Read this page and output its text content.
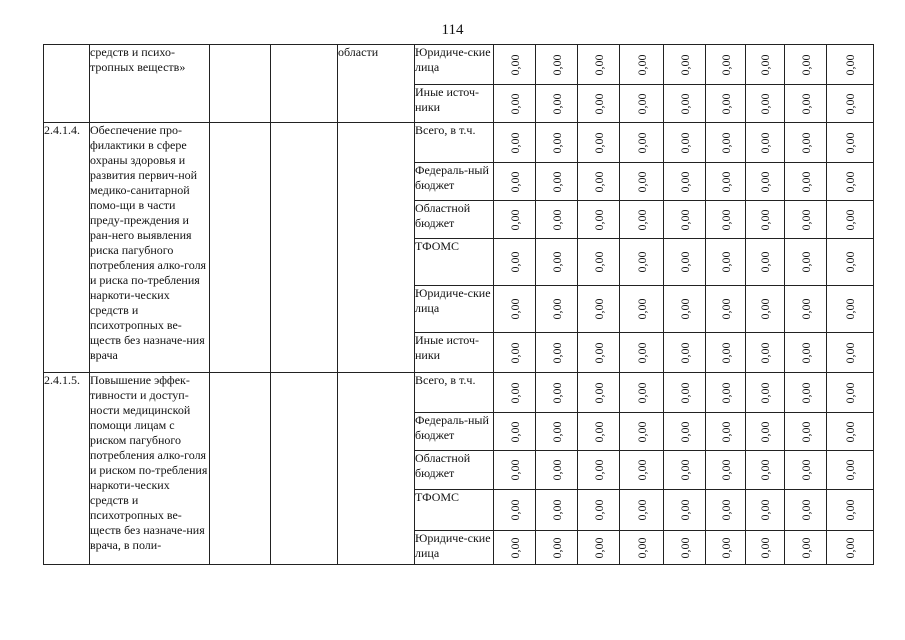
114
	средств и психо-тропных веществ»			области	Юридиче-ские лица	0,00	0,00	0,00	0,00	0,00	0,00	0,00	0,00	0,00

					Иные источ-ники	0,00	0,00	0,00	0,00	0,00	0,00	0,00	0,00	0,00

2.4.1.4.	Обеспечение про-филактики в сфере охраны здоровья и развития первич-ной медико-санитарной помо-щи в части преду-преждения и ран-него выявления риска пагубного потребления алко-голя и риска по-требления наркоти-ческих средств и психотропных ве-ществ без назначе-ния врача				Всего, в т.ч.	0,00	0,00	0,00	0,00	0,00	0,00	0,00	0,00	0,00

					Федераль-ный бюджет	0,00	0,00	0,00	0,00	0,00	0,00	0,00	0,00	0,00

					Областной бюджет	0,00	0,00	0,00	0,00	0,00	0,00	0,00	0,00	0,00

					ТФОМС	0,00	0,00	0,00	0,00	0,00	0,00	0,00	0,00	0,00

					Юридиче-ские лица	0,00	0,00	0,00	0,00	0,00	0,00	0,00	0,00	0,00

					Иные источ-ники	0,00	0,00	0,00	0,00	0,00	0,00	0,00	0,00	0,00

2.4.1.5.	Повышение эффек-тивности и доступ-ности медицинской помощи лицам с риском пагубного потребления алко-голя и риском по-требления наркоти-ческих средств и психотропных ве-ществ без назначе-ния врача, в поли-				Всего, в т.ч.	0,00	0,00	0,00	0,00	0,00	0,00	0,00	0,00	0,00

					Федераль-ный бюджет	0,00	0,00	0,00	0,00	0,00	0,00	0,00	0,00	0,00

					Областной бюджет	0,00	0,00	0,00	0,00	0,00	0,00	0,00	0,00	0,00

					ТФОМС	0,00	0,00	0,00	0,00	0,00	0,00	0,00	0,00	0,00

					Юридиче-ские лица	0,00	0,00	0,00	0,00	0,00	0,00	0,00	0,00	0,00
